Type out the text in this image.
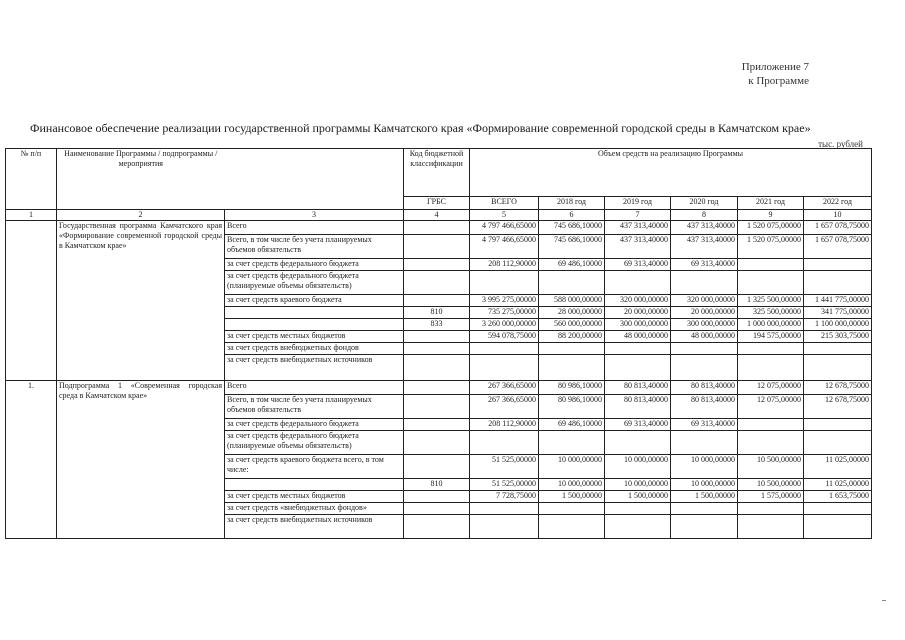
Приложение 7
к Программе
Финансовое обеспечение реализации государственной программы Камчатского края «Формирование современной городской среды в Камчатском крае»
тыс. рублей
№ п/п	Наименование Программы / подпрограммы / мероприятия		Код бюджетной классификации	Объем средств на реализацию Программы					
			ГРБС	ВСЕГО	2018 год	2019 год	2020 год	2021 год	2022 год
1	2	3	4	5	6	7	8	9	10
	Государственная программа Камчатского края «Формирование современной городской среды в Камчатском крае»	Всего		4 797 466,65000	745 686,10000	437 313,40000	437 313,40000	1 520 075,00000	1 657 078,75000
		Всего, в том числе без учета планируемых объемов обязательств		4 797 466,65000	745 686,10000	437 313,40000	437 313,40000	1 520 075,00000	1 657 078,75000
		за счет средств федерального бюджета		208 112,90000	69 486,10000	69 313,40000	69 313,40000		
		за счет средств федерального бюджета (планируемые объемы обязательств)							
		за счет средств краевого бюджета		3 995 275,00000	588 000,00000	320 000,00000	320 000,00000	1 325 500,00000	1 441 775,00000
			810	735 275,00000	28 000,00000	20 000,00000	20 000,00000	325 500,00000	341 775,00000
			833	3 260 000,00000	560 000,00000	300 000,00000	300 000,00000	1 000 000,00000	1 100 000,00000
		за счет средств местных бюджетов		594 078,75000	88 200,00000	48 000,00000	48 000,00000	194 575,00000	215 303,75000
		за счет средств внебюджетных фондов							
		за счет средств внебюджетных источников							
1.	Подпрограмма 1 «Современная городская среда в Камчатском крае»	Всего		267 366,65000	80 986,10000	80 813,40000	80 813,40000	12 075,00000	12 678,75000
		Всего, в том числе без учета планируемых объемов обязательств		267 366,65000	80 986,10000	80 813,40000	80 813,40000	12 075,00000	12 678,75000
		за счет средств федерального бюджета		208 112,90000	69 486,10000	69 313,40000	69 313,40000		
		за счет средств федерального бюджета (планируемые объемы обязательств)							
		за счет средств краевого бюджета всего, в том числе:		51 525,00000	10 000,00000	10 000,00000	10 000,00000	10 500,00000	11 025,00000
			810	51 525,00000	10 000,00000	10 000,00000	10 000,00000	10 500,00000	11 025,00000
		за счет средств местных бюджетов		7 728,75000	1 500,00000	1 500,00000	1 500,00000	1 575,00000	1 653,75000
		за счет средств «внебюджетных фондов»							
		за счет средств внебюджетных источников							
